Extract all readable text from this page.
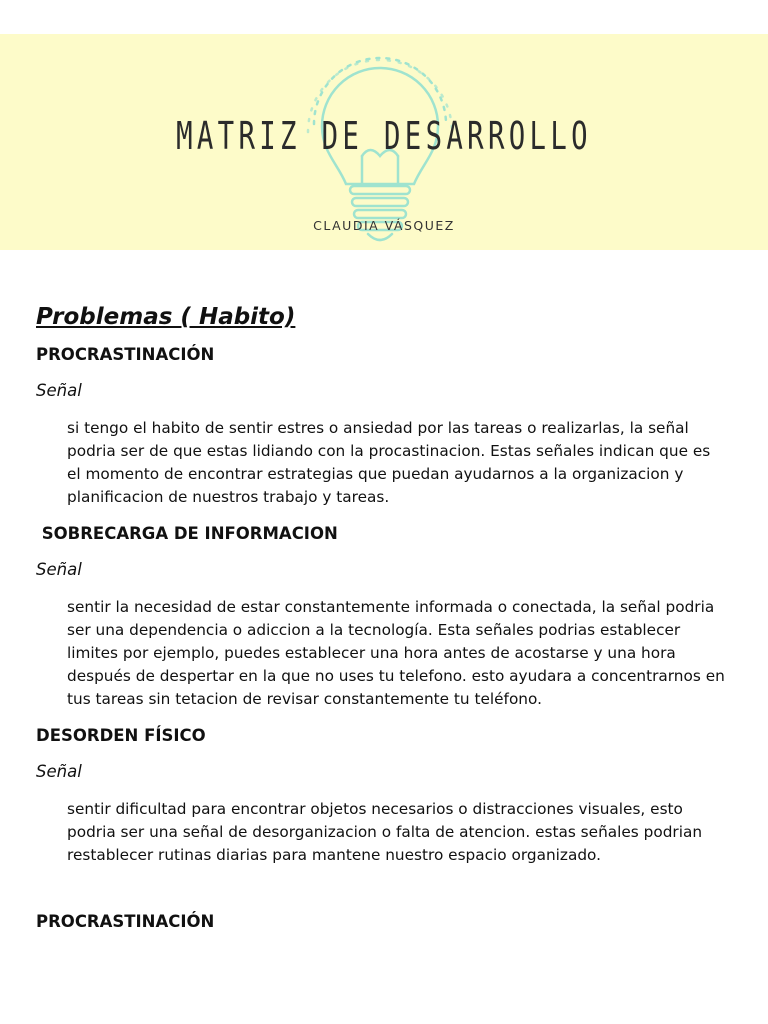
MATRIZ DE DESARROLLO
CLAUDIA VÁSQUEZ
Problemas ( Habito)
PROCRASTINACIÓN
Señal
si tengo el habito de sentir estres o ansiedad por las tareas o realizarlas, la señal podria ser de que estas lidiando con la procastinacion. Estas señales indican que es el momento de encontrar estrategias que puedan ayudarnos a la organizacion y planificacion de nuestros trabajo y tareas.
SOBRECARGA DE INFORMACION
Señal
sentir la necesidad de estar constantemente informada o conectada, la señal podria ser una dependencia o adiccion a la tecnología. Esta señales podrias establecer limites por ejemplo, puedes establecer una hora antes de acostarse y una hora después de despertar en la que no uses tu telefono. esto ayudara a concentrarnos en tus tareas sin tetacion de revisar constantemente tu teléfono.
DESORDEN FÍSICO
Señal
sentir dificultad para encontrar objetos necesarios o distracciones visuales, esto podria ser una señal de desorganizacion o falta de atencion. estas señales podrian restablecer rutinas diarias para mantene nuestro espacio organizado.
PROCRASTINACIÓN
